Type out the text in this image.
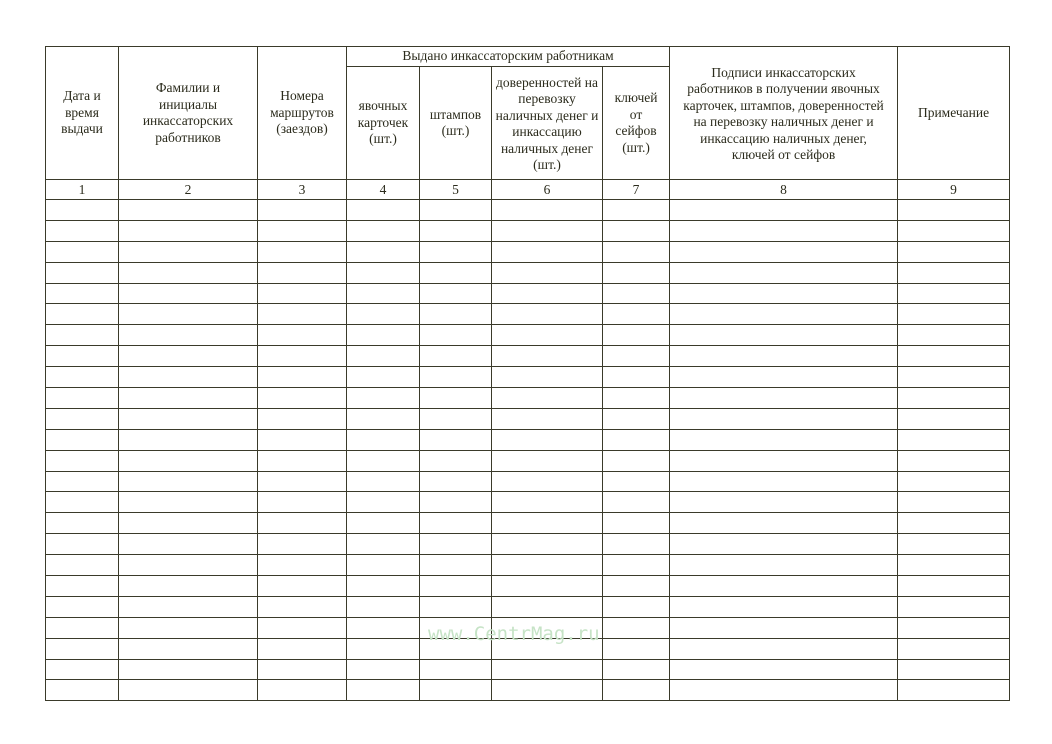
Дата и время выдачи	Фамилии и инициалы инкассаторских работников	Номера маршрутов (заездов)	Выдано инкассаторским работникам				Подписи инкассаторских работников в получении явочных карточек, штампов, доверенностей на перевозку наличных денег и инкассацию наличных денег, ключей от сейфов	Примечание
			явочных карточек (шт.)	штампов (шт.)	доверенностей на перевозку наличных денег и инкассацию наличных денег (шт.)	ключей от сейфов (шт.)		
1	2	3	4	5	6	7	8	9

www.CentrMag.ru
